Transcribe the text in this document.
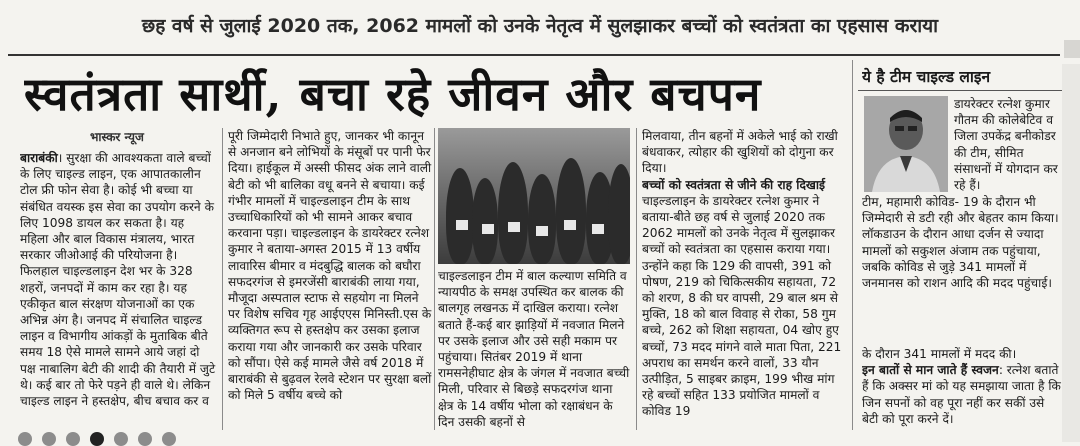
छह वर्ष से जुलाई 2020 तक, 2062 मामलों को उनके नेतृत्व में सुलझाकर बच्चों को स्वतंत्रता का एहसास कराया
स्वतंत्रता सार्थी, बचा रहे जीवन और बचपन
भास्कर न्यूज

बाराबंकी। सुरक्षा की आवश्यकता वाले बच्चों के लिए चाइल्ड लाइन, एक आपातकालीन टोल फ्री फोन सेवा है। कोई भी बच्चा या संबंधित वयस्क इस सेवा का उपयोग करने के लिए 1098 डायल कर सकता है। यह महिला और बाल विकास मंत्रालय, भारत सरकार जीओआई की परियोजना है। फिलहाल चाइल्डलाइन देश भर के 328 शहरों, जनपदों में काम कर रहा है। यह एकीकृत बाल संरक्षण योजनाओं का एक अभिन्न अंग है। जनपद में संचालित चाइल्ड लाइन व विभागीय आंकड़ों के मुताबिक बीते समय 18 ऐसे मामले सामने आये जहां दो पक्ष नाबालिग बेटी की शादी की तैयारी में जुटे थे। कई बार तो फेरे पड़ने ही वाले थे। लेकिन चाइल्ड लाइन ने हस्तक्षेप, बीच बचाव कर व

पूरी जिम्मेदारी निभाते हुए, जानकर भी कानून से अनजान बने लोभियों के मंसूबों पर पानी फेर दिया। हाईकूल में अस्सी फीसद अंक लाने वाली बेटी को भी बालिका वधू बनने से बचाया। कई गंभीर मामलों में चाइल्डलाइन टीम के साथ उच्चाधिकारियों को भी सामने आकर बचाव करवाना पड़ा। चाइल्डलाइन के डायरेक्टर रत्नेश कुमार ने बताया-अगस्त 2015 में 13 वर्षीय लावारिस बीमार व मंदबुद्धि बालक को बघौरा सफदरगंज से इमरजेंसी बाराबंकी लाया गया, मौजूदा अस्पताल स्टाफ से सहयोग ना मिलने पर विशेष सचिव गृह आईएएस मिनिस्ती.एस के व्यक्तिगत रूप से हस्तक्षेप कर उसका इलाज कराया गया और जानकारी कर उसके परिवार को सौंपा। ऐसे कई मामले जैसे वर्ष 2018 में बाराबंकी से बुढ़वल रेलवे स्टेशन पर सुरक्षा बलों को मिले 5 वर्षीय बच्चे को

चाइल्डलाइन टीम में बाल कल्याण समिति व न्यायपीठ के समक्ष उपस्थित कर बालक की बालगृह लखनऊ में दाखिल कराया। रत्नेश बताते हैं-कई बार झाड़ियों में नवजात मिलने पर उसके इलाज और उसे सही मकाम पर पहुंचाया। सितंबर 2019 में थाना रामसनेहीघाट क्षेत्र के जंगल में नवजात बच्ची मिली, परिवार से बिछड़े सफदरगंज थाना क्षेत्र के 14 वर्षीय भोला को रक्षाबंधन के दिन उसकी बहनों से

मिलवाया, तीन बहनों में अकेले भाई को राखी बंधवाकर, त्योहार की खुशियों को दोगुना कर दिया।

बच्चों को स्वतंत्रता से जीने की राह दिखाई

चाइल्डलाइन के डायरेक्टर रत्नेश कुमार ने बताया-बीते छह वर्ष से जुलाई 2020 तक 2062 मामलों को उनके नेतृत्व में सुलझाकर बच्चों को स्वतंत्रता का एहसास कराया गया। उन्होंने कहा कि 129 की वापसी, 391 को पोषण, 219 को चिकित्सकीय सहायता, 72 को शरण, 8 की घर वापसी, 29 बाल श्रम से मुक्ति, 18 को बाल विवाह से रोका, 58 गुम बच्चे, 262 को शिक्षा सहायता, 04 खोए हुए बच्चों, 73 मदद मांगने वाले माता पिता, 221 अपराध का समर्थन करने वालों, 33 यौन उत्पीड़ित, 5 साइबर क्राइम, 199 भीख मांग रहे बच्चों सहित 133 प्रयोजित मामलों व कोविड 19

ये है टीम चाइल्ड लाइन

डायरेक्टर रत्नेश कुमार गौतम की कोलेबेटिव व जिला उपकेंद्र बनीकोडर की टीम, सीमित संसाधनों में योगदान कर रहे हैं।

टीम, महामारी कोविड- 19 के दौरान भी जिम्मेदारी से डटी रही और बेहतर काम किया। लॉकडाउन के दौरान आधा दर्जन से ज्यादा मामलों को सकुशल अंजाम तक पहुंचाया, जबकि कोविड से जुड़े 341 मामलों में जनमानस को राशन आदि की मदद पहुंचाई।

के दौरान 341 मामलों में मदद की।

इन बातों से मान जाते हैं स्वजन: रत्नेश बताते हैं कि अक्सर मां को यह समझाया जाता है कि जिन सपनों को वह पूरा नहीं कर सकीं उसे बेटी को पूरा करने दें।
